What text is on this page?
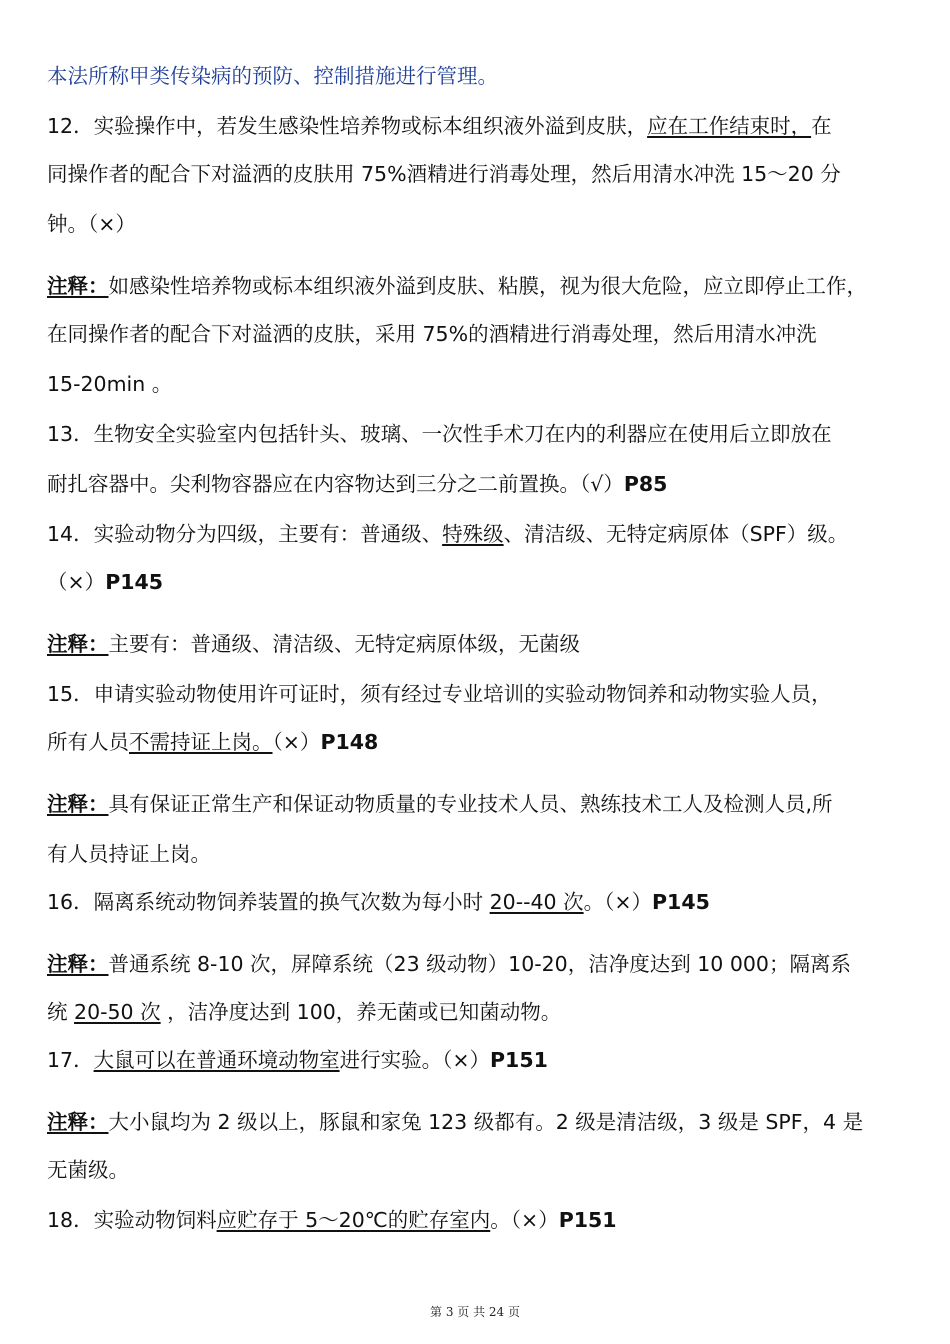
本法所称甲类传染病的预防、控制措施进行管理。
12．实验操作中，若发生感染性培养物或标本组织液外溢到皮肤，应在工作结束时，在
同操作者的配合下对溢洒的皮肤用 75%酒精进行消毒处理，然后用清水冲洗 15～20 分
钟。（×）
注释：如感染性培养物或标本组织液外溢到皮肤、粘膜，视为很大危险，应立即停止工作，
在同操作者的配合下对溢洒的皮肤，采用 75%的酒精进行消毒处理，然后用清水冲洗
15-20min 。
13．生物安全实验室内包括针头、玻璃、一次性手术刀在内的利器应在使用后立即放在
耐扎容器中。尖利物容器应在内容物达到三分之二前置换。（√）P85
14．实验动物分为四级，主要有：普通级、特殊级、清洁级、无特定病原体（SPF）级。
（×）P145
注释：主要有：普通级、清洁级、无特定病原体级，无菌级
15．申请实验动物使用许可证时，须有经过专业培训的实验动物饲养和动物实验人员，
所有人员不需持证上岗。（×）P148
注释：具有保证正常生产和保证动物质量的专业技术人员、熟练技术工人及检测人员,所
有人员持证上岗。
16．隔离系统动物饲养装置的换气次数为每小时 20--40 次。（×）P145
注释：普通系统 8-10 次，屏障系统（23 级动物）10-20，洁净度达到 10 000；隔离系
统 20-50 次 ，洁净度达到 100，养无菌或已知菌动物。
17．大鼠可以在普通环境动物室进行实验。（×）P151
注释：大小鼠均为 2 级以上，豚鼠和家兔 123 级都有。2 级是清洁级，3 级是 SPF，4 是
无菌级。
18．实验动物饲料应贮存于 5～20℃的贮存室内。（×）P151
第 3 页 共 24 页
